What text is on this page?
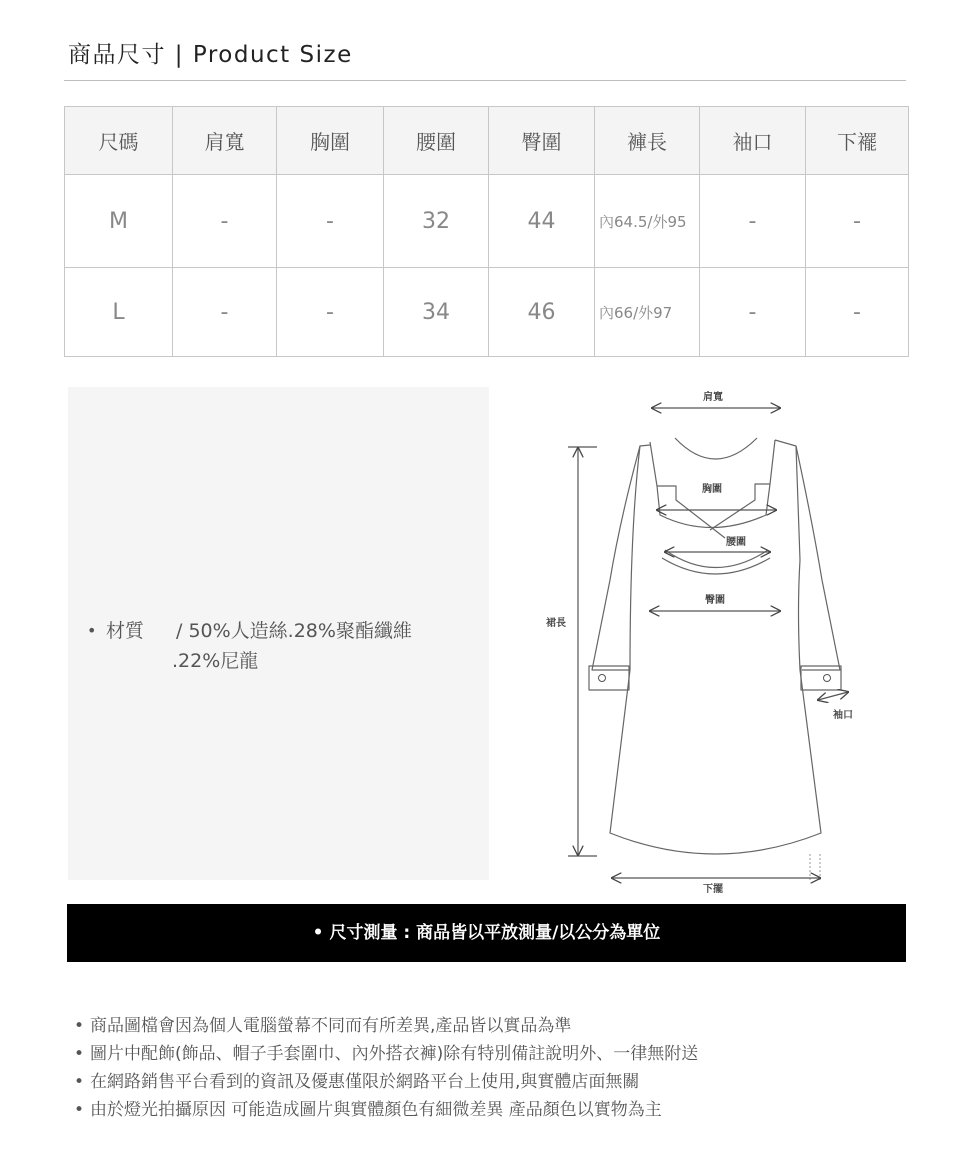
商品尺寸 | Product Size
尺碼	肩寬	胸圍	腰圍	臀圍	褲長	袖口	下襬
M	-	-	32	44	內64.5/外95	-	-
L	-	-	34	46	內66/外97	-	-
• 材質 / 50%人造絲.28%聚酯纖維
.22%尼龍
肩寬
胸圍
腰圍
臀圍
裙長
下擺
袖口
• 尺寸測量 : 商品皆以平放測量/以公分為單位
• 商品圖檔會因為個人電腦螢幕不同而有所差異,產品皆以實品為準
• 圖片中配飾(飾品、帽子手套圍巾、內外搭衣褲)除有特別備註說明外、一律無附送
• 在網路銷售平台看到的資訊及優惠僅限於網路平台上使用,與實體店面無關
• 由於燈光拍攝原因 可能造成圖片與實體顏色有細微差異 產品顏色以實物為主
